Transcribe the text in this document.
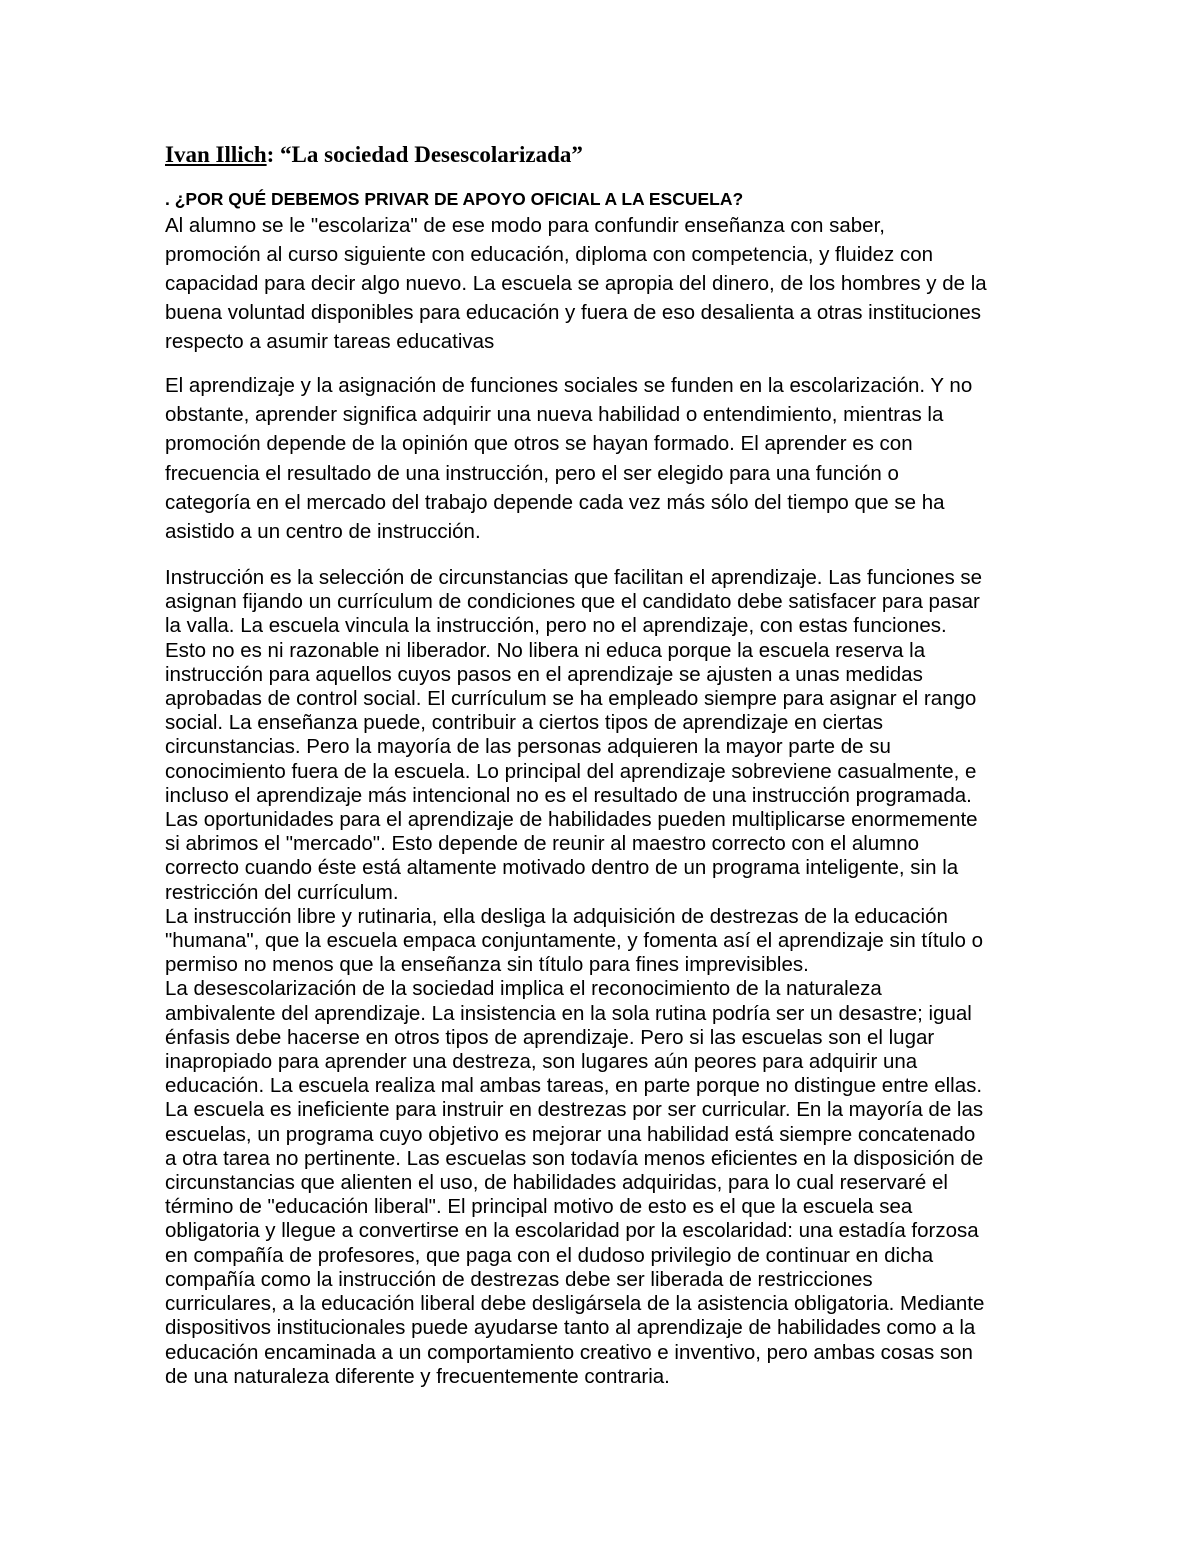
Ivan Illich: “La sociedad Desescolarizada”
. ¿POR QUÉ DEBEMOS PRIVAR DE APOYO OFICIAL A LA ESCUELA?
Al alumno se le "escolariza" de ese modo para confundir enseñanza con saber,
promoción al curso siguiente con educación, diploma con competencia, y fluidez con
capacidad para decir algo nuevo. La escuela se apropia del dinero, de los hombres y de la
buena voluntad disponibles para educación y fuera de eso desalienta a otras instituciones
respecto a asumir tareas educativas
El aprendizaje y la asignación de funciones sociales se funden en la escolarización. Y no
obstante, aprender significa adquirir una nueva habilidad o entendimiento, mientras la
promoción depende de la opinión que otros se hayan formado. El aprender es con
frecuencia el resultado de una instrucción, pero el ser elegido para una función o
categoría en el mercado del trabajo depende cada vez más sólo del tiempo que se ha
asistido a un centro de instrucción.
Instrucción es la selección de circunstancias que facilitan el aprendizaje. Las funciones se
asignan fijando un currículum de condiciones que el candidato debe satisfacer para pasar
la valla. La escuela vincula la instrucción, pero no el aprendizaje, con estas funciones.
Esto no es ni razonable ni liberador. No libera ni educa porque la escuela reserva la
instrucción para aquellos cuyos pasos en el aprendizaje se ajusten a unas medidas
aprobadas de control social. El currículum se ha empleado siempre para asignar el rango
social. La enseñanza puede, contribuir a ciertos tipos de aprendizaje en ciertas
circunstancias. Pero la mayoría de las personas adquieren la mayor parte de su
conocimiento fuera de la escuela. Lo principal del aprendizaje sobreviene casualmente, e
incluso el aprendizaje más intencional no es el resultado de una instrucción programada.
Las oportunidades para el aprendizaje de habilidades pueden multiplicarse enormemente
si abrimos el "mercado". Esto depende de reunir al maestro correcto con el alumno
correcto cuando éste está altamente motivado dentro de un programa inteligente, sin la
restricción del currículum.
La instrucción libre y rutinaria, ella desliga la adquisición de destrezas de la educación
"humana", que la escuela empaca conjuntamente, y fomenta así el aprendizaje sin título o
permiso no menos que la enseñanza sin título para fines imprevisibles.
La desescolarización de la sociedad implica el reconocimiento de la naturaleza
ambivalente del aprendizaje. La insistencia en la sola rutina podría ser un desastre; igual
énfasis debe hacerse en otros tipos de aprendizaje. Pero si las escuelas son el lugar
inapropiado para aprender una destreza, son lugares aún peores para adquirir una
educación. La escuela realiza mal ambas tareas, en parte porque no distingue entre ellas.
La escuela es ineficiente para instruir en destrezas por ser curricular. En la mayoría de las
escuelas, un programa cuyo objetivo es mejorar una habilidad está siempre concatenado
a otra tarea no pertinente. Las escuelas son todavía menos eficientes en la disposición de
circunstancias que alienten el uso, de habilidades adquiridas, para lo cual reservaré el
término de "educación liberal". El principal motivo de esto es el que la escuela sea
obligatoria y llegue a convertirse en la escolaridad por la escolaridad: una estadía forzosa
en compañía de profesores, que paga con el dudoso privilegio de continuar en dicha
compañía como la instrucción de destrezas debe ser liberada de restricciones
curriculares, a la educación liberal debe desligársela de la asistencia obligatoria. Mediante
dispositivos institucionales puede ayudarse tanto al aprendizaje de habilidades como a la
educación encaminada a un comportamiento creativo e inventivo, pero ambas cosas son
de una naturaleza diferente y frecuentemente contraria.
